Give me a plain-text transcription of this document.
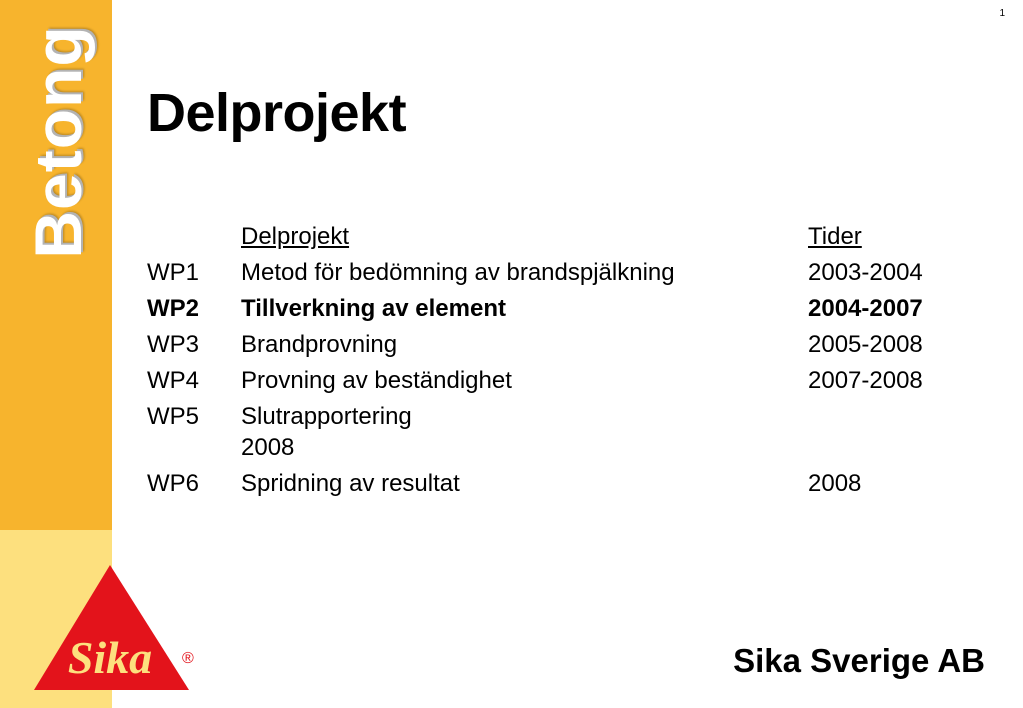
Betong
Sika ®
1
Delprojekt
Delprojekt	Tider
WP1 Metod för bedömning av brandspjälkning	2003-2004
WP2 Tillverkning av element	2004-2007
WP3 Brandprovning	2005-2008
WP4 Provning av beständighet	2007-2008
WP5 Slutrapportering
2008
WP6 Spridning av resultat	2008
Sika Sverige AB
